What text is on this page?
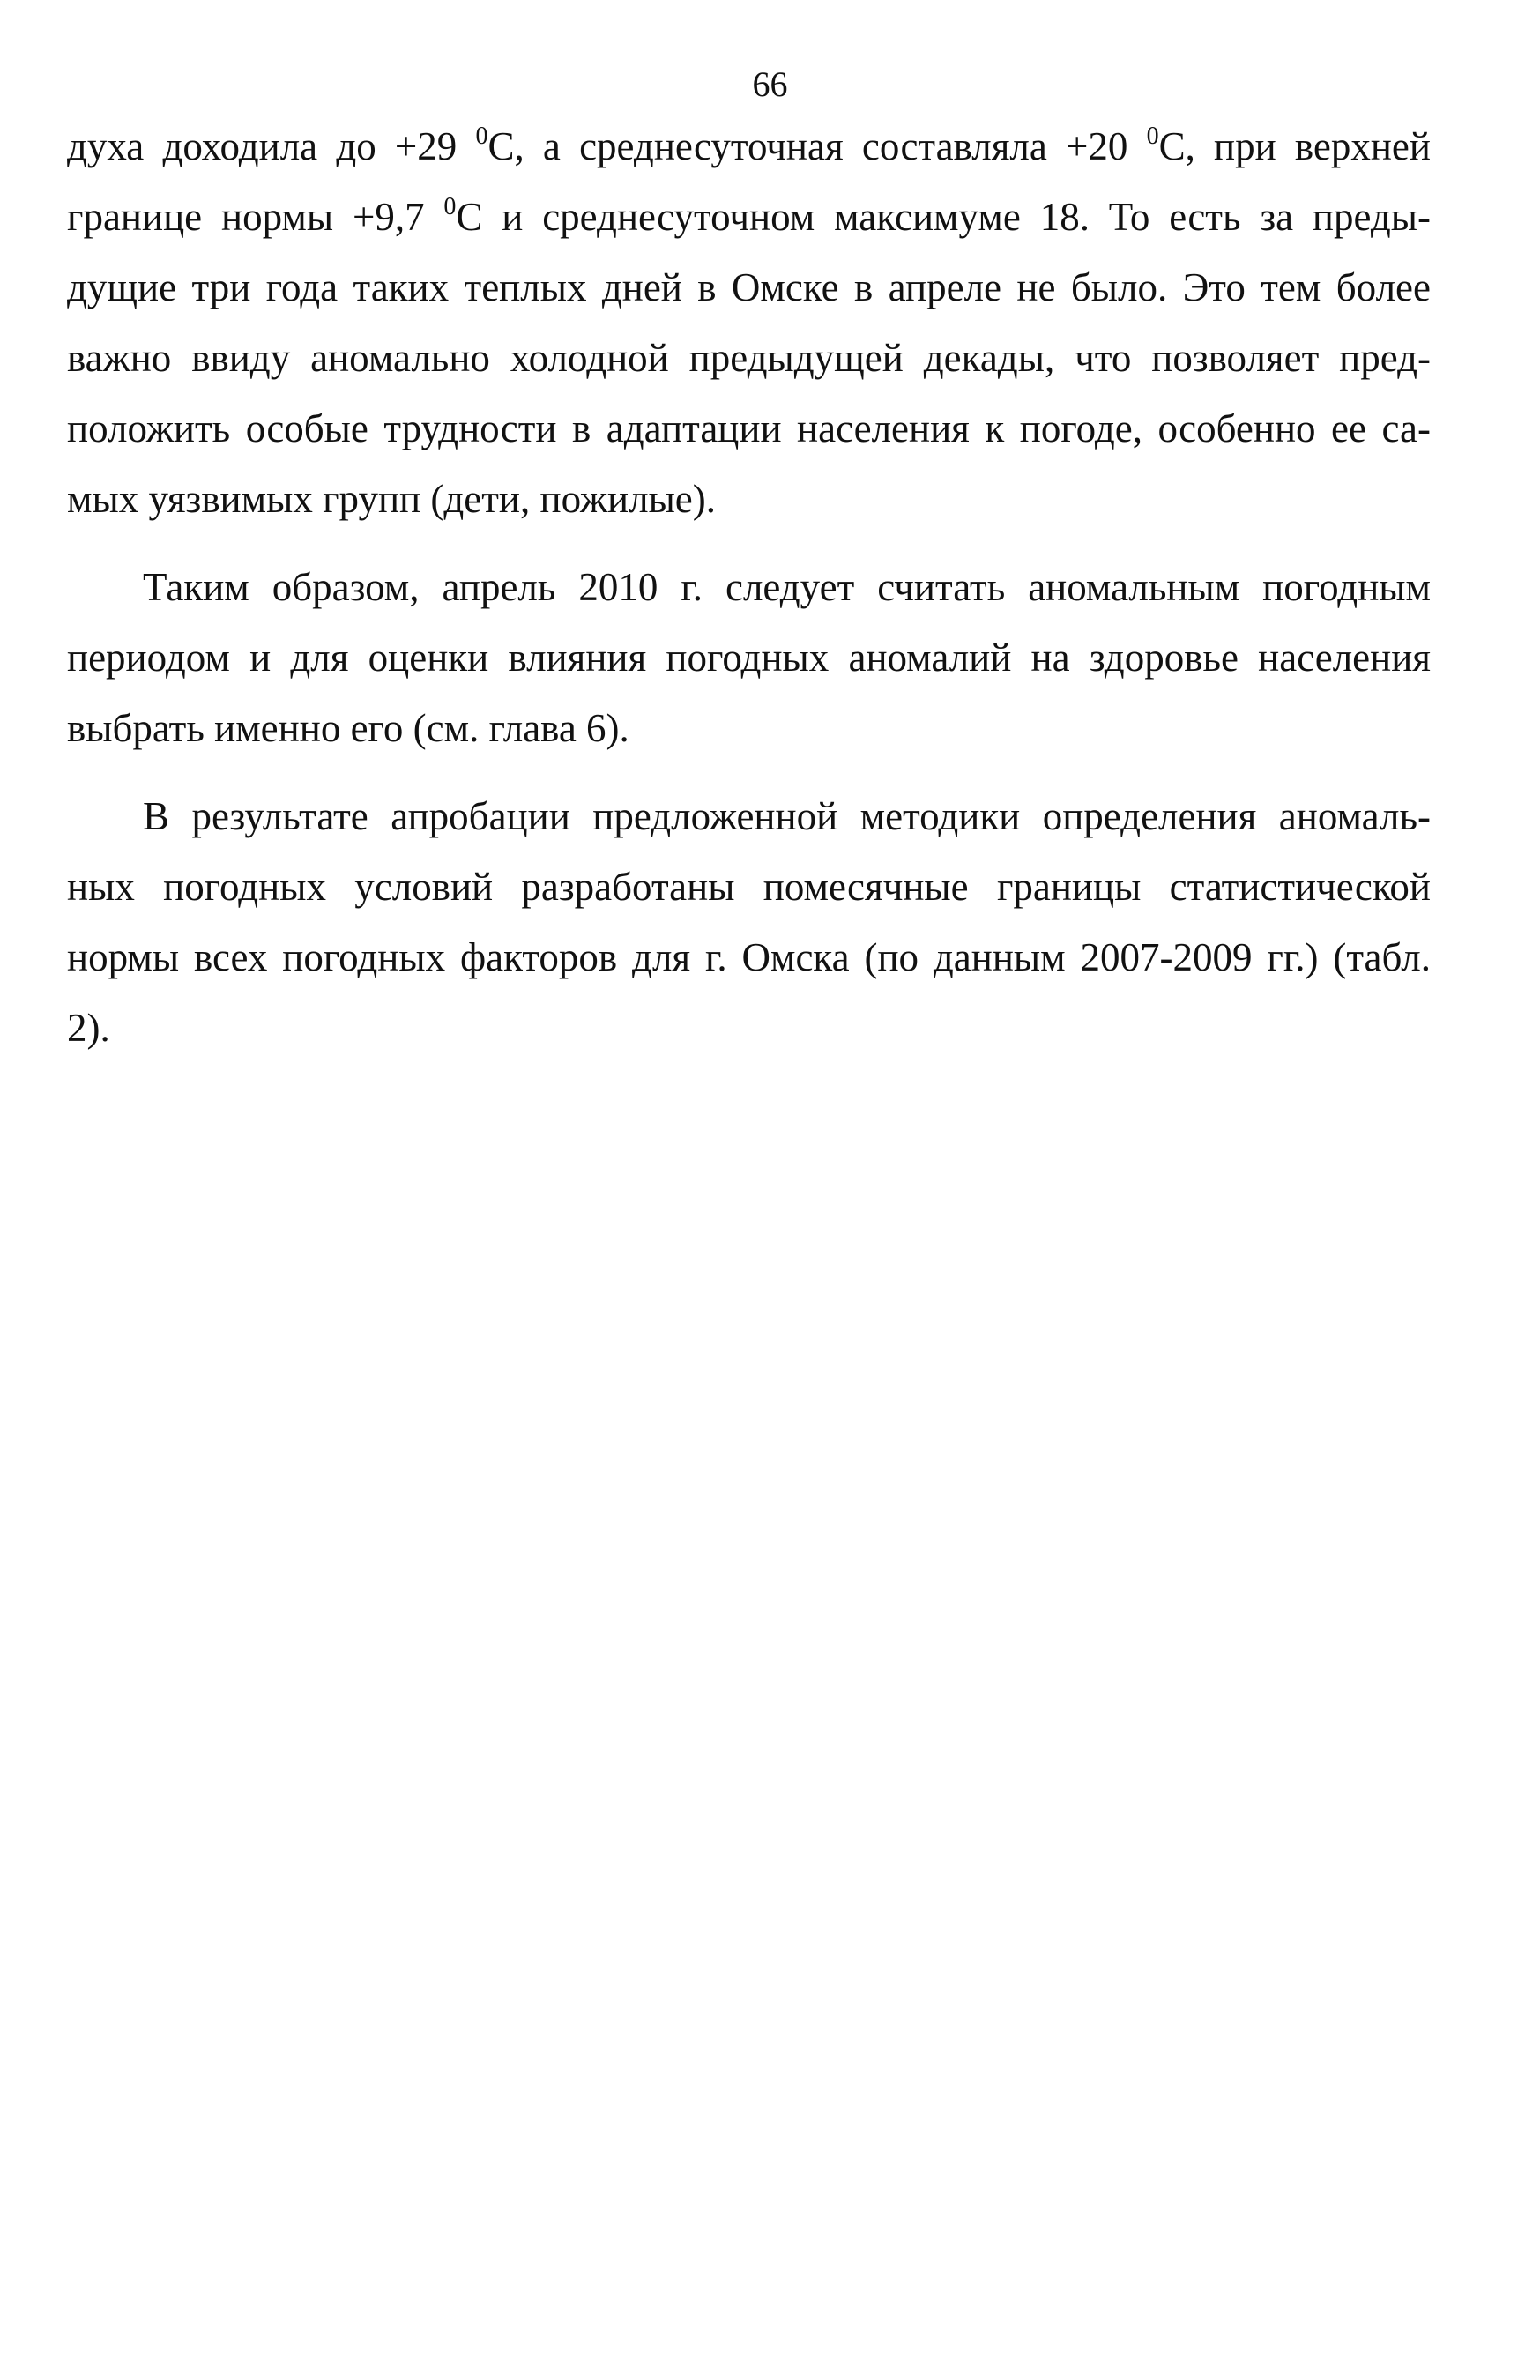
66
духа доходила до +29 $^0$С, а среднесуточная составляла +20 $^0$С, при верхней
границе нормы +9,7 $^0$С и среднесуточном максимуме 18. То есть за преды-
дущие три года таких теплых дней в Омске в апреле не было. Это тем более
важно ввиду аномально холодной предыдущей декады, что позволяет пред-
положить особые трудности в адаптации населения к погоде, особенно ее са-
мых уязвимых групп (дети, пожилые).
Таким образом, апрель 2010 г. следует считать аномальным погодным
периодом и для оценки влияния погодных аномалий на здоровье населения
выбрать именно его (см. глава 6).
В результате апробации предложенной методики определения аномаль-
ных погодных условий разработаны помесячные границы статистической
нормы всех погодных факторов для г. Омска (по данным 2007-2009 гг.) (табл.
2).
